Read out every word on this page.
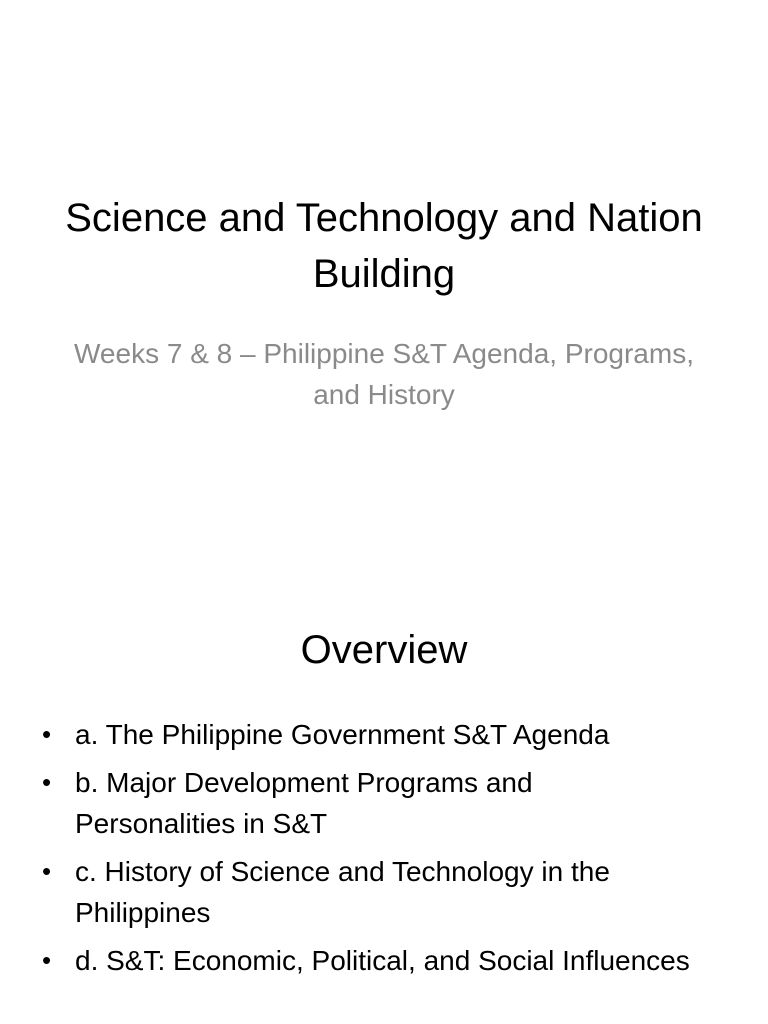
Science and Technology and Nation Building

Weeks 7 & 8 – Philippine S&T Agenda, Programs, and History

Overview
• a. The Philippine Government S&T Agenda
• b. Major Development Programs and Personalities in S&T
• c. History of Science and Technology in the Philippines
• d. S&T: Economic, Political, and Social Influences
